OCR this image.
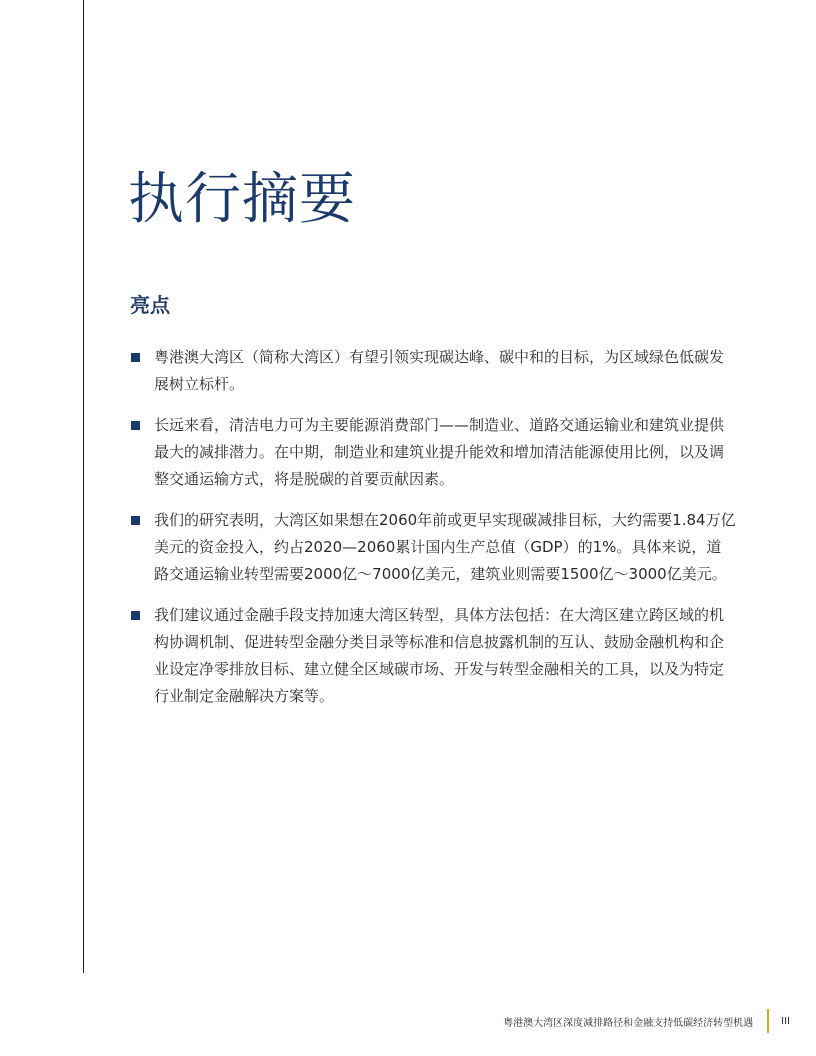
执行摘要
亮点
粤港澳大湾区（简称大湾区）有望引领实现碳达峰、碳中和的目标，为区域绿色低碳发展树立标杆。
长远来看，清洁电力可为主要能源消费部门——制造业、道路交通运输业和建筑业提供最大的减排潜力。在中期，制造业和建筑业提升能效和增加清洁能源使用比例，以及调整交通运输方式，将是脱碳的首要贡献因素。
我们的研究表明，大湾区如果想在2060年前或更早实现碳减排目标，大约需要1.84万亿美元的资金投入，约占2020—2060累计国内生产总值（GDP）的1%。具体来说，道路交通运输业转型需要2000亿～7000亿美元，建筑业则需要1500亿～3000亿美元。
我们建议通过金融手段支持加速大湾区转型，具体方法包括：在大湾区建立跨区域的机构协调机制、促进转型金融分类目录等标准和信息披露机制的互认、鼓励金融机构和企业设定净零排放目标、建立健全区域碳市场、开发与转型金融相关的工具，以及为特定行业制定金融解决方案等。
粤港澳大湾区深度减排路径和金融支持低碳经济转型机遇	III
